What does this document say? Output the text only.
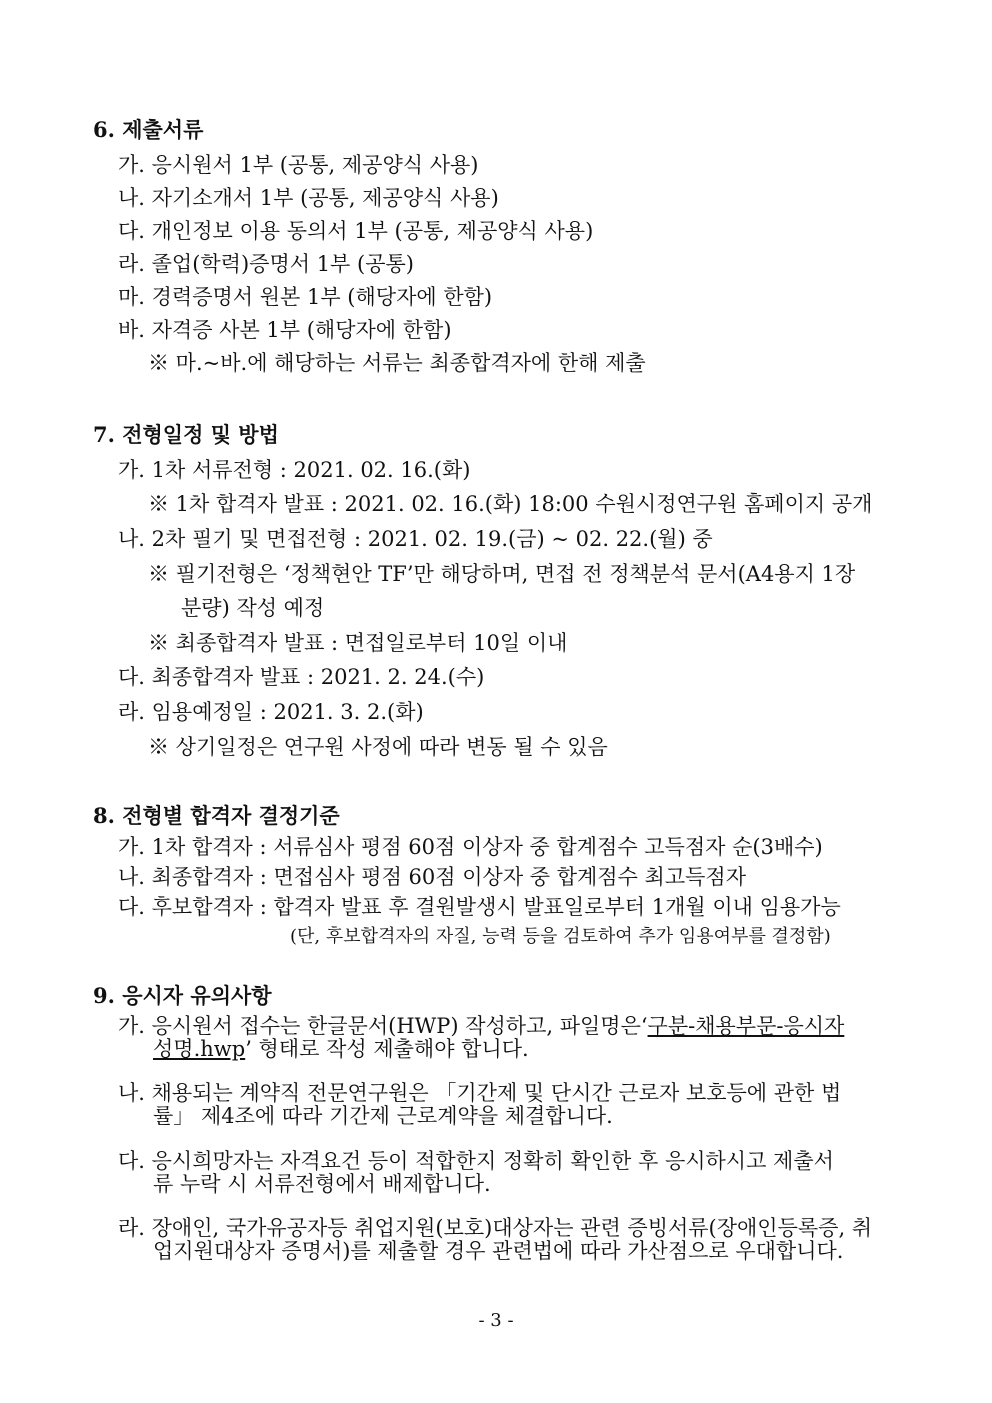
6. 제출서류
가. 응시원서 1부 (공통, 제공양식 사용)
나. 자기소개서 1부 (공통, 제공양식 사용)
다. 개인정보 이용 동의서 1부 (공통, 제공양식 사용)
라. 졸업(학력)증명서 1부 (공통)
마. 경력증명서 원본 1부 (해당자에 한함)
바. 자격증 사본 1부 (해당자에 한함)
※ 마.~바.에 해당하는 서류는 최종합격자에 한해 제출
7. 전형일정 및 방법
가. 1차 서류전형 : 2021. 02. 16.(화)
※ 1차 합격자 발표 : 2021. 02. 16.(화) 18:00 수원시정연구원 홈페이지 공개
나. 2차 필기 및 면접전형 : 2021. 02. 19.(금) ~ 02. 22.(월) 중
※ 필기전형은 ‘정책현안 TF’만 해당하며, 면접 전 정책분석 문서(A4용지 1장
분량) 작성 예정
※ 최종합격자 발표 : 면접일로부터 10일 이내
다. 최종합격자 발표 : 2021. 2. 24.(수)
라. 임용예정일 : 2021. 3. 2.(화)
※ 상기일정은 연구원 사정에 따라 변동 될 수 있음
8. 전형별 합격자 결정기준
가. 1차 합격자 : 서류심사 평점 60점 이상자 중 합계점수 고득점자 순(3배수)
나. 최종합격자 : 면접심사 평점 60점 이상자 중 합계점수 최고득점자
다. 후보합격자 : 합격자 발표 후 결원발생시 발표일로부터 1개월 이내 임용가능
(단, 후보합격자의 자질, 능력 등을 검토하여 추가 임용여부를 결정함)
9. 응시자 유의사항
가. 응시원서 접수는 한글문서(HWP) 작성하고, 파일명은‘구분-채용부문-응시자
성명.hwp’ 형태로 작성 제출해야 합니다.
나. 채용되는 계약직 전문연구원은 「기간제 및 단시간 근로자 보호등에 관한 법
률」 제4조에 따라 기간제 근로계약을 체결합니다.
다. 응시희망자는 자격요건 등이 적합한지 정확히 확인한 후 응시하시고 제출서
류 누락 시 서류전형에서 배제합니다.
라. 장애인, 국가유공자등 취업지원(보호)대상자는 관련 증빙서류(장애인등록증, 취
업지원대상자 증명서)를 제출할 경우 관련법에 따라 가산점으로 우대합니다.
- 3 -
